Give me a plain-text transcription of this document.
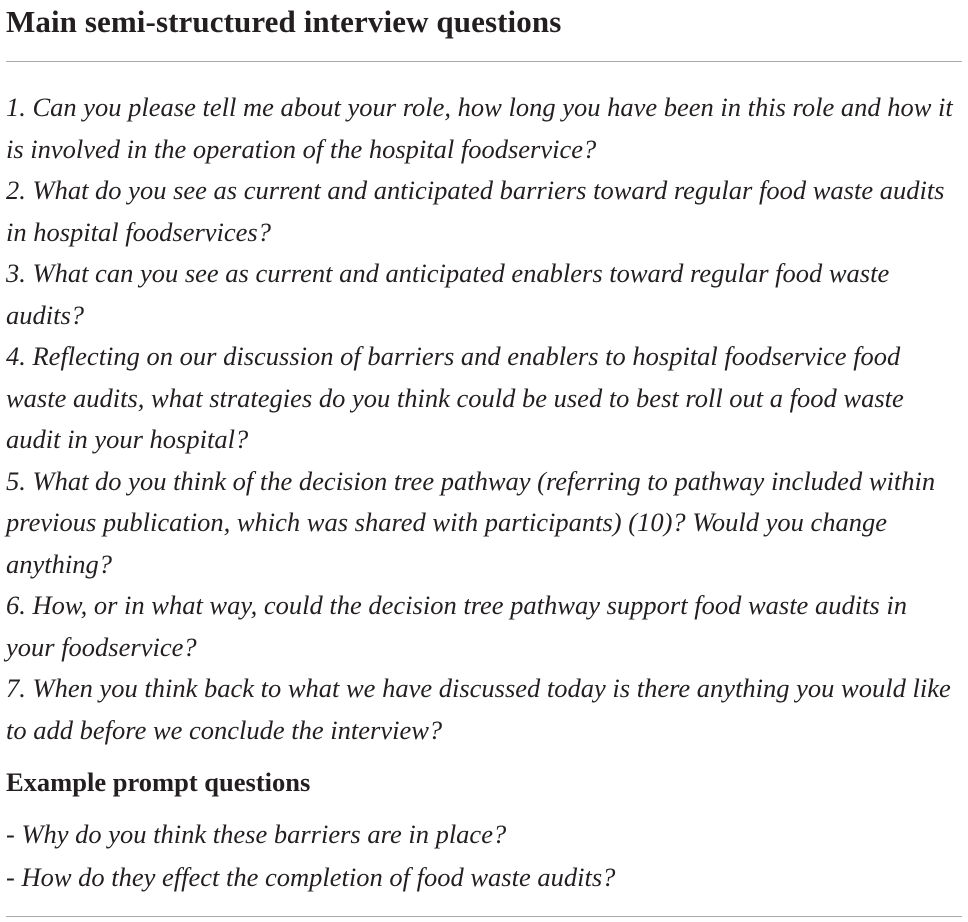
Main semi-structured interview questions
1. Can you please tell me about your role, how long you have been in this role and how it is involved in the operation of the hospital foodservice?
2. What do you see as current and anticipated barriers toward regular food waste audits in hospital foodservices?
3. What can you see as current and anticipated enablers toward regular food waste audits?
4. Reflecting on our discussion of barriers and enablers to hospital foodservice food waste audits, what strategies do you think could be used to best roll out a food waste audit in your hospital?
5. What do you think of the decision tree pathway (referring to pathway included within previous publication, which was shared with participants) (10)? Would you change anything?
6. How, or in what way, could the decision tree pathway support food waste audits in your foodservice?
7. When you think back to what we have discussed today is there anything you would like to add before we conclude the interview?
Example prompt questions
- Why do you think these barriers are in place?
- How do they effect the completion of food waste audits?
